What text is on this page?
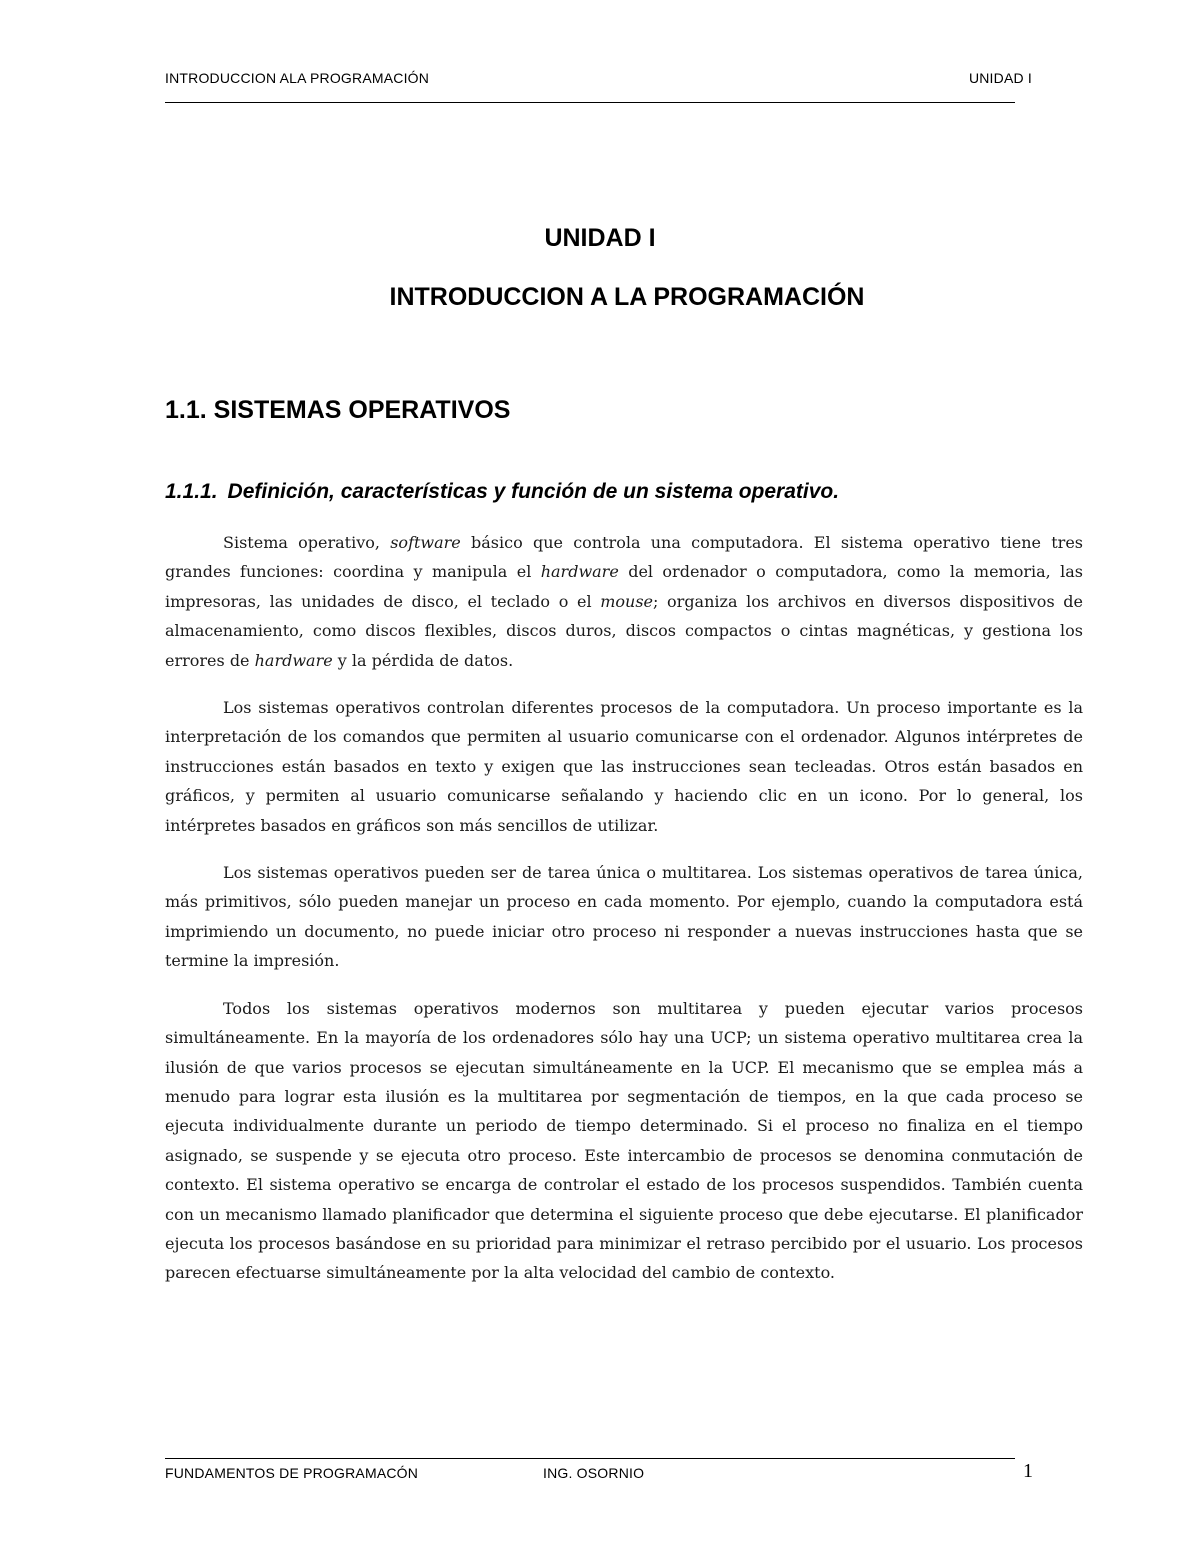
INTRODUCCION ALA PROGRAMACIÓN	UNIDAD I
UNIDAD I
INTRODUCCION A LA PROGRAMACIÓN
1.1. SISTEMAS OPERATIVOS
1.1.1. Definición, características y función de un sistema operativo.

Sistema operativo, software básico que controla una computadora. El sistema operativo tiene tres grandes funciones: coordina y manipula el hardware del ordenador o computadora, como la memoria, las impresoras, las unidades de disco, el teclado o el mouse; organiza los archivos en diversos dispositivos de almacenamiento, como discos flexibles, discos duros, discos compactos o cintas magnéticas, y gestiona los errores de hardware y la pérdida de datos.

Los sistemas operativos controlan diferentes procesos de la computadora. Un proceso importante es la interpretación de los comandos que permiten al usuario comunicarse con el ordenador. Algunos intérpretes de instrucciones están basados en texto y exigen que las instrucciones sean tecleadas. Otros están basados en gráficos, y permiten al usuario comunicarse señalando y haciendo clic en un icono. Por lo general, los intérpretes basados en gráficos son más sencillos de utilizar.

Los sistemas operativos pueden ser de tarea única o multitarea. Los sistemas operativos de tarea única, más primitivos, sólo pueden manejar un proceso en cada momento. Por ejemplo, cuando la computadora está imprimiendo un documento, no puede iniciar otro proceso ni responder a nuevas instrucciones hasta que se termine la impresión.

Todos los sistemas operativos modernos son multitarea y pueden ejecutar varios procesos simultáneamente. En la mayoría de los ordenadores sólo hay una UCP; un sistema operativo multitarea crea la ilusión de que varios procesos se ejecutan simultáneamente en la UCP. El mecanismo que se emplea más a menudo para lograr esta ilusión es la multitarea por segmentación de tiempos, en la que cada proceso se ejecuta individualmente durante un periodo de tiempo determinado. Si el proceso no finaliza en el tiempo asignado, se suspende y se ejecuta otro proceso. Este intercambio de procesos se denomina conmutación de contexto. El sistema operativo se encarga de controlar el estado de los procesos suspendidos. También cuenta con un mecanismo llamado planificador que determina el siguiente proceso que debe ejecutarse. El planificador ejecuta los procesos basándose en su prioridad para minimizar el retraso percibido por el usuario. Los procesos parecen efectuarse simultáneamente por la alta velocidad del cambio de contexto.

FUNDAMENTOS DE PROGRAMACÓN	ING. OSORNIO	1
